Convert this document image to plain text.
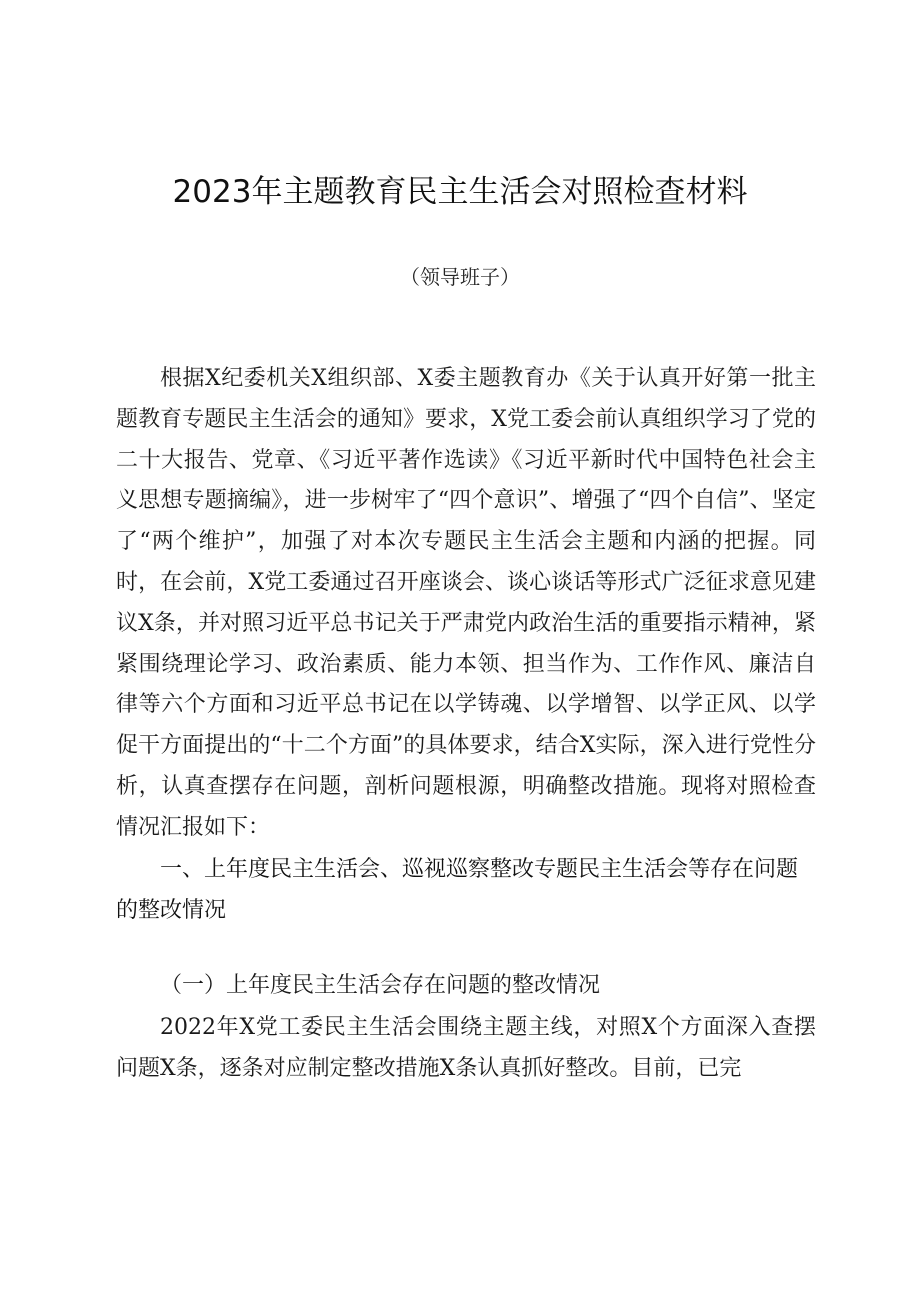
2023年主题教育民主生活会对照检查材料
（领导班子）

根据X纪委机关X组织部、X委主题教育办《关于认真开好第一批主题教育专题民主生活会的通知》要求，X党工委会前认真组织学习了党的二十大报告、党章、《习近平著作选读》《习近平新时代中国特色社会主义思想专题摘编》，进一步树牢了“四个意识”、增强了“四个自信”、坚定了“两个维护”，加强了对本次专题民主生活会主题和内涵的把握。同时，在会前，X党工委通过召开座谈会、谈心谈话等形式广泛征求意见建议X条，并对照习近平总书记关于严肃党内政治生活的重要指示精神，紧紧围绕理论学习、政治素质、能力本领、担当作为、工作作风、廉洁自律等六个方面和习近平总书记在以学铸魂、以学增智、以学正风、以学促干方面提出的“十二个方面”的具体要求，结合X实际，深入进行党性分析，认真查摆存在问题，剖析问题根源，明确整改措施。现将对照检查情况汇报如下：

一、上年度民主生活会、巡视巡察整改专题民主生活会等存在问题的整改情况

（一）上年度民主生活会存在问题的整改情况

2022年X党工委民主生活会围绕主题主线，对照X个方面深入查摆问题X条，逐条对应制定整改措施X条认真抓好整改。目前，已完
